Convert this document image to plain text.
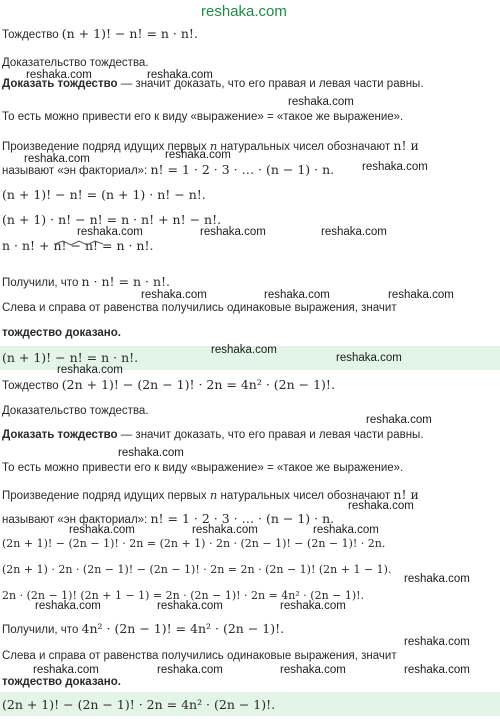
reshaka.com
Тождество (n + 1)! − n! = n · n!.
Доказательство тождества.
Доказать тождество — значит доказать, что его правая и левая части равны.
То есть можно привести его к виду «выражение» = «такое же выражение».
Произведение подряд идущих первых n натуральных чисел обозначают n! и
называют «эн факториал»: n! = 1 · 2 · 3 · … · (n − 1) · n.
(n + 1)! − n! = (n + 1) · n! − n!.
(n + 1) · n! − n! = n · n! + n! − n!.
n · n! + n! − n! = n · n!.
Получили, что n · n! = n · n!.
Слева и справа от равенства получились одинаковые выражения, значит
тождество доказано.
(n + 1)! − n! = n · n!.
Тождество (2n + 1)! − (2n − 1)! · 2n = 4n² · (2n − 1)!.
Доказательство тождества.
Доказать тождество — значит доказать, что его правая и левая части равны.
То есть можно привести его к виду «выражение» = «такое же выражение».
Произведение подряд идущих первых n натуральных чисел обозначают n! и
называют «эн факториал»: n! = 1 · 2 · 3 · … · (n − 1) · n.
(2n + 1)! − (2n − 1)! · 2n = (2n + 1) · 2n · (2n − 1)! − (2n − 1)! · 2n.
(2n + 1) · 2n · (2n − 1)! − (2n − 1)! · 2n = 2n · (2n − 1)! (2n + 1 − 1).
2n · (2n − 1)! (2n + 1 − 1) = 2n · (2n − 1)! · 2n = 4n² · (2n − 1)!.
Получили, что 4n² · (2n − 1)! = 4n² · (2n − 1)!.
Слева и справа от равенства получились одинаковые выражения, значит
тождество доказано.
(2n + 1)! − (2n − 1)! · 2n = 4n² · (2n − 1)!.
reshaka.com	reshaka.com
reshaka.com
reshaka.com	reshaka.com
reshaka.com
reshaka.com	reshaka.com	reshaka.com
reshaka.com	reshaka.com	reshaka.com
reshaka.com
reshaka.com
reshaka.com
reshaka.com
reshaka.com
reshaka.com
reshaka.com	reshaka.com	reshaka.com
reshaka.com
reshaka.com	reshaka.com	reshaka.com
reshaka.com
reshaka.com	reshaka.com	reshaka.com	reshaka.com
